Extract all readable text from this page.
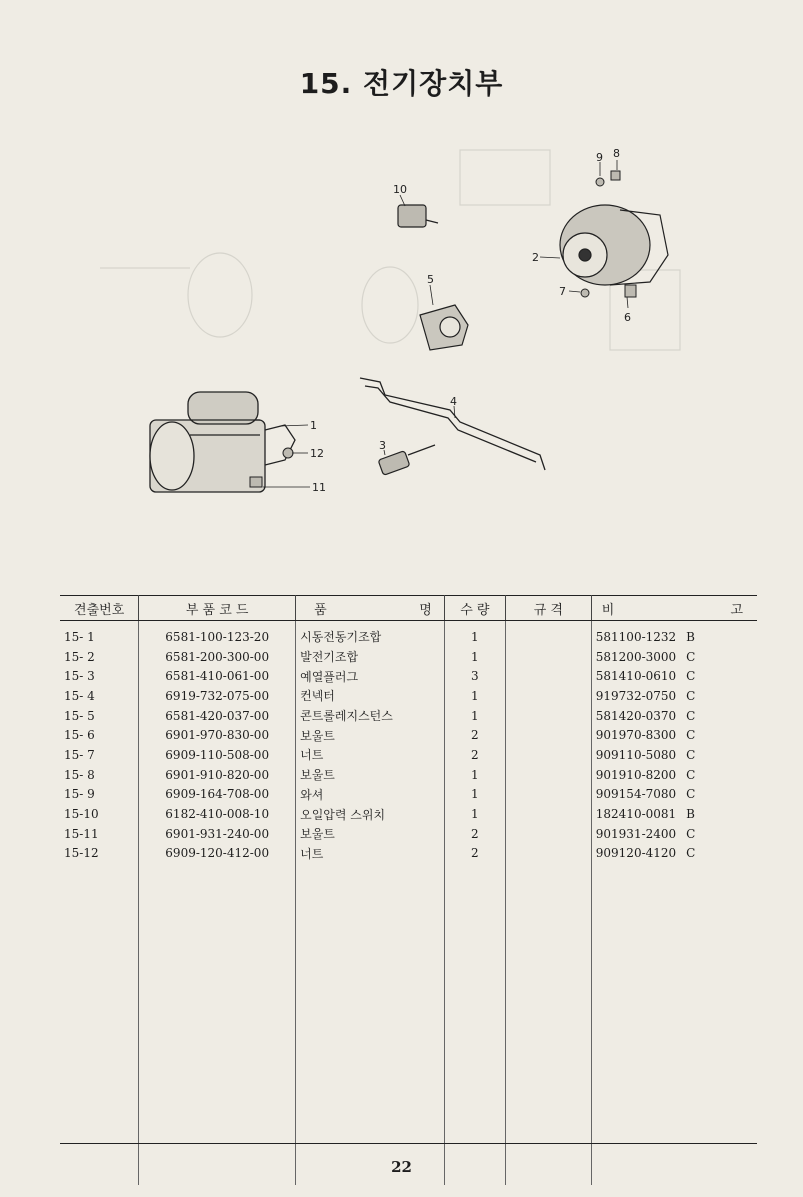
15. 전기장치부
1
2
3
4
5
6
7
8
9
10
11
12
견출번호	부 품 코 드	품 명	수 량	규 격	비 고

15- 1	6581-100-123-20	시동전동기조합	1		581100-1232 B
15- 2	6581-200-300-00	발전기조합	1		581200-3000 C
15- 3	6581-410-061-00	예열플러그	3		581410-0610 C
15- 4	6919-732-075-00	컨넥터	1		919732-0750 C
15- 5	6581-420-037-00	콘트롤레지스턴스	1		581420-0370 C
15- 6	6901-970-830-00	보울트	2		901970-8300 C
15- 7	6909-110-508-00	너트	2		909110-5080 C
15- 8	6901-910-820-00	보울트	1		901910-8200 C
15- 9	6909-164-708-00	와셔	1		909154-7080 C
15-10	6182-410-008-10	오일압력 스위치	1		182410-0081 B
15-11	6901-931-240-00	보울트	2		901931-2400 C
15-12	6909-120-412-00	너트	2		909120-4120 C

22
